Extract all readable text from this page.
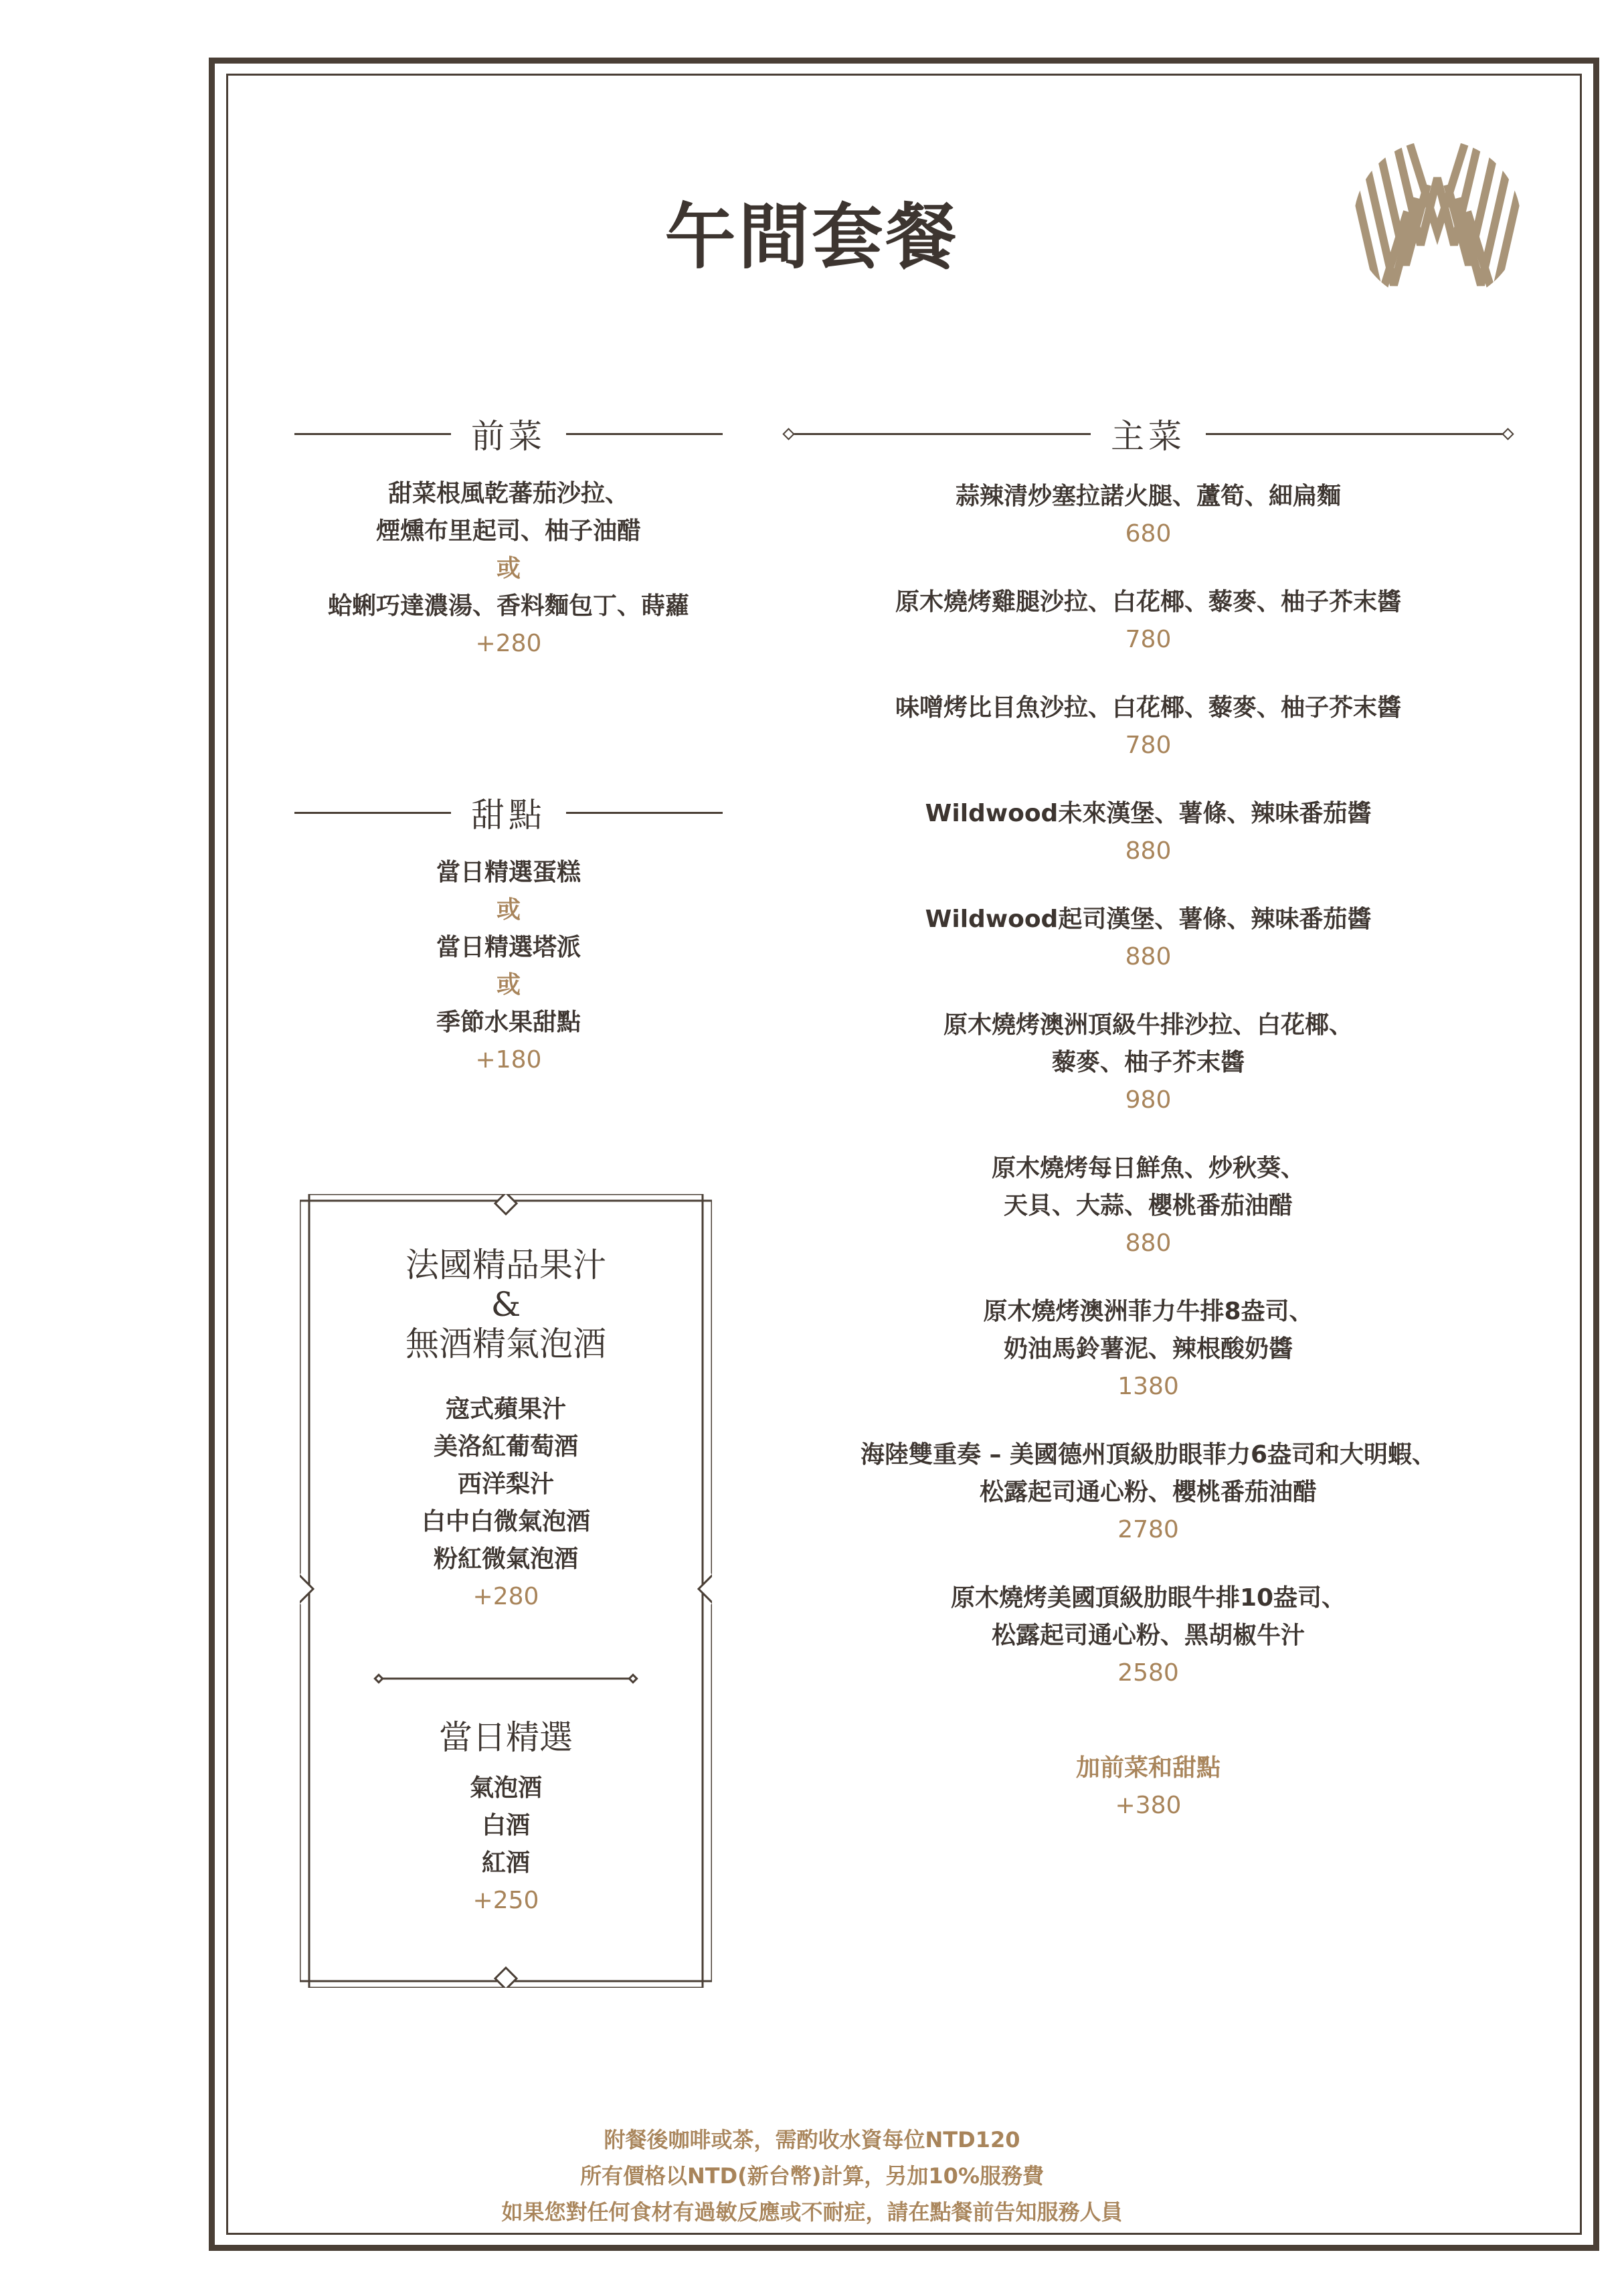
午間套餐
前菜
甜菜根風乾蕃茄沙拉、
煙燻布里起司、柚子油醋
或
蛤蜊巧達濃湯、香料麵包丁、蒔蘿
+280
甜點
當日精選蛋糕
或
當日精選塔派
或
季節水果甜點
+180
法國精品果汁
&
無酒精氣泡酒
寇式蘋果汁
美洛紅葡萄酒
西洋梨汁
白中白微氣泡酒
粉紅微氣泡酒
+280
當日精選
氣泡酒
白酒
紅酒
+250
主菜
蒜辣清炒塞拉諾火腿、蘆筍、細扁麵
680
原木燒烤雞腿沙拉、白花椰、藜麥、柚子芥末醬
780
味噌烤比目魚沙拉、白花椰、藜麥、柚子芥末醬
780
Wildwood未來漢堡、薯條、辣味番茄醬
880
Wildwood起司漢堡、薯條、辣味番茄醬
880
原木燒烤澳洲頂級牛排沙拉、白花椰、
藜麥、柚子芥末醬
980
原木燒烤每日鮮魚、炒秋葵、
天貝、大蒜、櫻桃番茄油醋
880
原木燒烤澳洲菲力牛排8盎司、
奶油馬鈴薯泥、辣根酸奶醬
1380
海陸雙重奏 – 美國德州頂級肋眼菲力6盎司和大明蝦、
松露起司通心粉、櫻桃番茄油醋
2780
原木燒烤美國頂級肋眼牛排10盎司、
松露起司通心粉、黑胡椒牛汁
2580
加前菜和甜點
+380
附餐後咖啡或茶，需酌收水資每位NTD120
所有價格以NTD(新台幣)計算，另加10%服務費
如果您對任何食材有過敏反應或不耐症，請在點餐前告知服務人員
